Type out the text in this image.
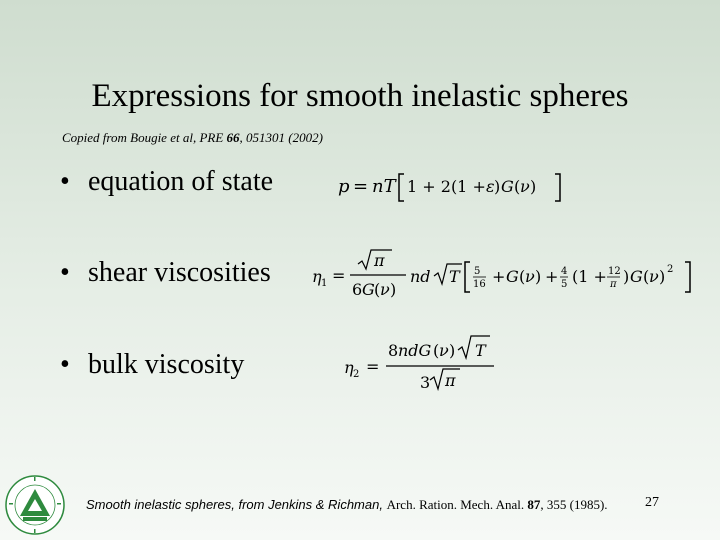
Expressions for smooth inelastic spheres
Copied from Bougie et al, PRE 66, 051301 (2002)
• equation of state	p = nT 1 + 2(1 + ε ) G ( ν )
• shear viscosities	η 1 =
π
6 G ( ν )
nd T 5
16 + G ( ν ) + 4
5 (1 + 12
π ) G ( ν ) 2
• bulk viscosity	η 2 =
8 ndG ( ν ) T
3 π
Smooth inelastic spheres, from Jenkins & Richman, Arch. Ration. Mech. Anal. 87, 355 (1985).	27
